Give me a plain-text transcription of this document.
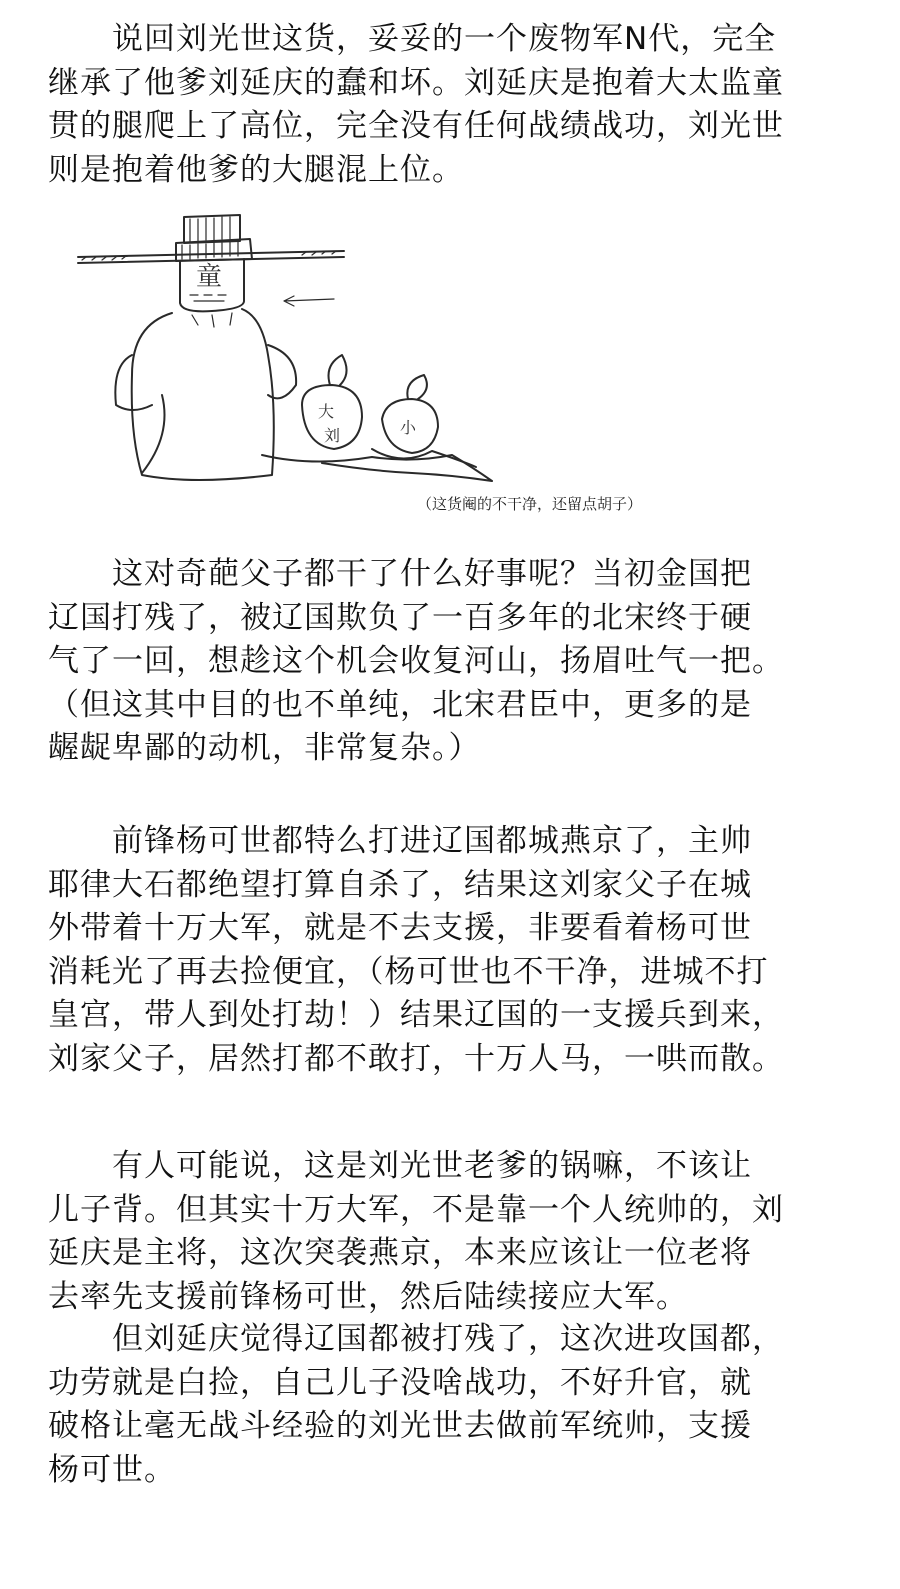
说回刘光世这货，妥妥的一个废物军N代，完全
继承了他爹刘延庆的蠢和坏。刘延庆是抱着大太监童
贯的腿爬上了高位，完全没有任何战绩战功，刘光世
则是抱着他爹的大腿混上位。
童
大
刘	小
（这货阉的不干净，还留点胡子）
这对奇葩父子都干了什么好事呢？当初金国把
辽国打残了，被辽国欺负了一百多年的北宋终于硬
气了一回，想趁这个机会收复河山，扬眉吐气一把。
（但这其中目的也不单纯，北宋君臣中，更多的是
龌龊卑鄙的动机，非常复杂。）
前锋杨可世都特么打进辽国都城燕京了，主帅
耶律大石都绝望打算自杀了，结果这刘家父子在城
外带着十万大军，就是不去支援，非要看着杨可世
消耗光了再去捡便宜，（杨可世也不干净，进城不打
皇宫，带人到处打劫！）结果辽国的一支援兵到来，
刘家父子，居然打都不敢打，十万人马，一哄而散。
有人可能说，这是刘光世老爹的锅嘛，不该让
儿子背。但其实十万大军，不是靠一个人统帅的，刘
延庆是主将，这次突袭燕京，本来应该让一位老将
去率先支援前锋杨可世，然后陆续接应大军。
但刘延庆觉得辽国都被打残了，这次进攻国都，
功劳就是白捡，自己儿子没啥战功，不好升官，就
破格让毫无战斗经验的刘光世去做前军统帅，支援
杨可世。
